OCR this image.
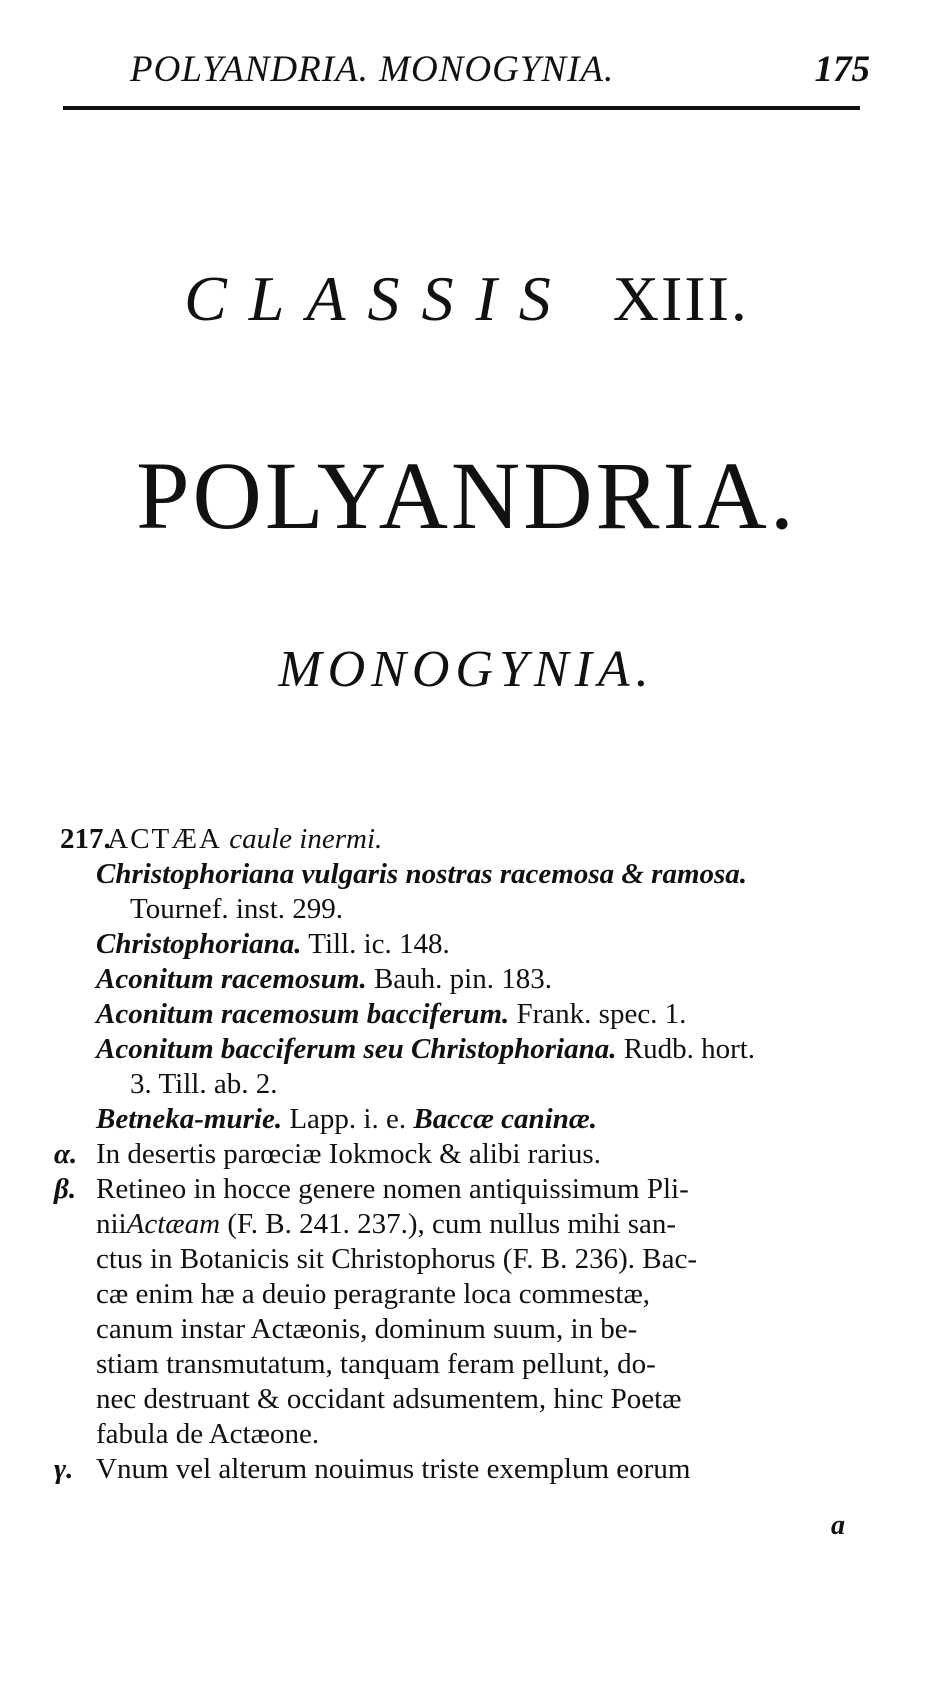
POLYANDRIA. MONOGYNIA.	175
CLASSIS XIII.
POLYANDRIA.
MONOGYNIA.
217. ACTÆA caule inermi.
Christophoriana vulgaris nostras racemosa & ramosa.
Tournef. inst. 299.
Christophoriana. Till. ic. 148.
Aconitum racemosum. Bauh. pin. 183.
Aconitum racemosum bacciferum. Frank. spec. 1.
Aconitum bacciferum seu Christophoriana. Rudb. hort.
3. Till. ab. 2.
Betneka-murie. Lapp. i. e. Baccæ caninæ.
α. In desertis parœciæ Iokmock & alibi rarius.
β. Retineo in hocce genere nomen antiquissimum Pli-
niiActæam (F. B. 241. 237.), cum nullus mihi san-
ctus in Botanicis sit Christophorus (F. B. 236). Bac-
cæ enim hæ a deuio peragrante loca commestæ,
canum instar Actæonis, dominum suum, in be-
stiam transmutatum, tanquam feram pellunt, do-
nec destruant & occidant adsumentem, hinc Poetæ
fabula de Actæone.
γ. Vnum vel alterum nouimus triste exemplum eorum
a
